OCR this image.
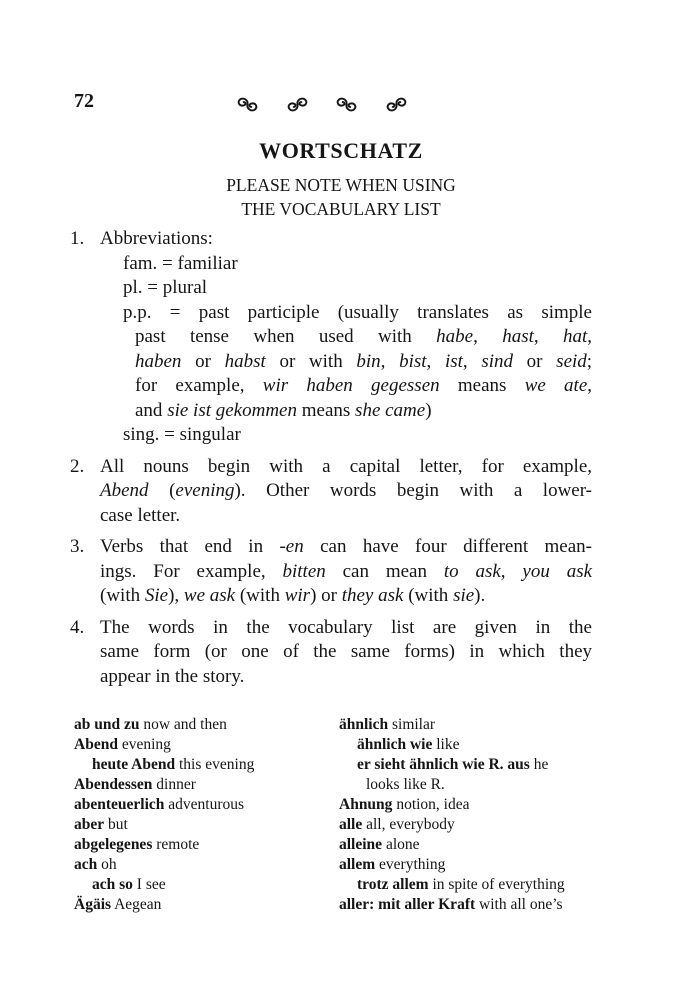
72
WORTSCHATZ
PLEASE NOTE WHEN USING
THE VOCABULARY LIST
1. Abbreviations:
fam. = familiar
pl. = plural
p.p. = past participle (usually translates as simple
past tense when used with habe, hast, hat,
haben or habst or with bin, bist, ist, sind or seid;
for example, wir haben gegessen means we ate,
and sie ist gekommen means she came)
sing. = singular
2. All nouns begin with a capital letter, for example,
Abend (evening). Other words begin with a lower-
case letter.
3. Verbs that end in -en can have four different mean-
ings. For example, bitten can mean to ask, you ask
(with Sie), we ask (with wir) or they ask (with sie).
4. The words in the vocabulary list are given in the
same form (or one of the same forms) in which they
appear in the story.
ab und zu now and then
Abend evening
heute Abend this evening
Abendessen dinner
abenteuerlich adventurous
aber but
abgelegenes remote
ach oh
ach so I see
Ägäis Aegean
ähnlich similar
ähnlich wie like
er sieht ähnlich wie R. aus he
looks like R.
Ahnung notion, idea
alle all, everybody
alleine alone
allem everything
trotz allem in spite of everything
aller: mit aller Kraft with all one’s
